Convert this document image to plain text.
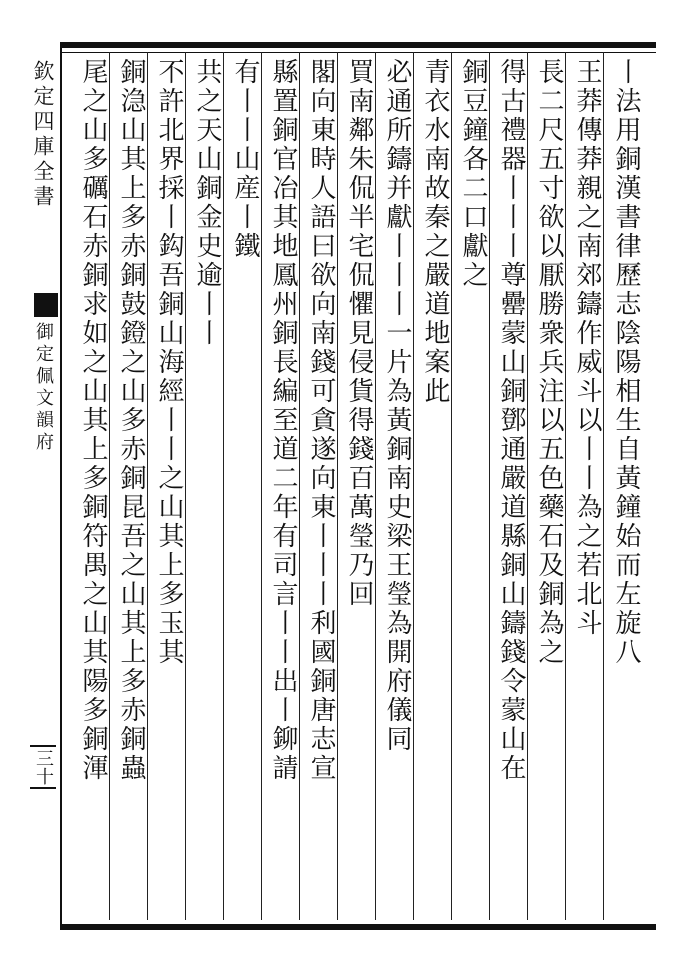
欽定四庫全書
御定佩文韻府
三十
丨法用銅漢書律歷志陰陽相生自黃鐘始而左旋八
王莽傳莽親之南郊鑄作威斗以丨丨為之若北斗
長二尺五寸欲以厭勝衆兵注以五色藥石及銅為之
得古禮器丨丨丨尊罍蒙山銅鄧通嚴道縣銅山鑄錢令蒙山在
銅豆鐘各二口獻之
青衣水南故秦之嚴道地案此
必通所鑄并獻丨丨丨一片為黃銅南史梁王瑩為開府儀同
買南鄰朱侃半宅侃懼見侵貨得錢百萬瑩乃回
閣向東時人語曰欲向南錢可貪遂向東丨丨丨利國銅唐志宣
縣置銅官冶其地鳳州銅長編至道二年有司言丨丨出丨鉚請
有丨丨山産丨鐵
共之天山銅金史逾丨丨
不許北界採丨鈎吾銅山海經丨丨之山其上多玉其
銅㴔山其上多赤銅鼓鐙之山多赤銅昆吾之山其上多赤銅蟲
尾之山多礪石赤銅求如之山其上多銅符禺之山其陽多銅渾
